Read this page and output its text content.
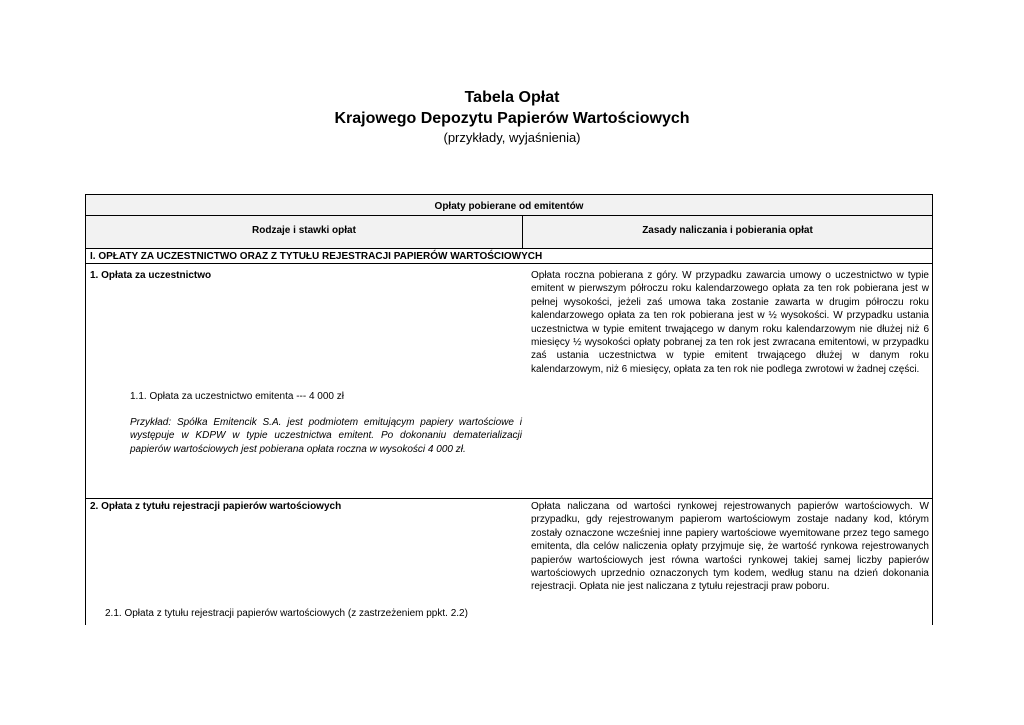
Tabela Opłat
Krajowego Depozytu Papierów Wartościowych
(przykłady, wyjaśnienia)
Opłaty pobierane od emitentów
Rodzaje i stawki opłat	Zasady naliczania i pobierania opłat
I. OPŁATY ZA UCZESTNICTWO ORAZ Z TYTUŁU REJESTRACJI PAPIERÓW WARTOŚCIOWYCH
1. Opłata za uczestnictwo	Opłata roczna pobierana z góry. W przypadku zawarcia umowy o uczestnictwo w typie emitent w pierwszym półroczu roku kalendarzowego opłata za ten rok pobierana jest w pełnej wysokości, jeżeli zaś umowa taka zostanie zawarta w drugim półroczu roku kalendarzowego opłata za ten rok pobierana jest w ½ wysokości. W przypadku ustania uczestnictwa w typie emitent trwającego w danym roku kalendarzowym nie dłużej niż 6 miesięcy ½ wysokości opłaty pobranej za ten rok jest zwracana emitentowi, w przypadku zaś ustania uczestnictwa w typie emitent trwającego dłużej w danym roku kalendarzowym, niż 6 miesięcy, opłata za ten rok nie podlega zwrotowi w żadnej części.
1.1. Opłata za uczestnictwo emitenta --- 4 000 zł
Przykład: Spółka Emitencik S.A. jest podmiotem emitującym papiery wartościowe i występuje w KDPW w typie uczestnictwa emitent. Po dokonaniu dematerializacji papierów wartościowych jest pobierana opłata roczna w wysokości 4 000 zł.
2. Opłata z tytułu rejestracji papierów wartościowych	Opłata naliczana od wartości rynkowej rejestrowanych papierów wartościowych. W przypadku, gdy rejestrowanym papierom wartościowym zostaje nadany kod, którym zostały oznaczone wcześniej inne papiery wartościowe wyemitowane przez tego samego emitenta, dla celów naliczenia opłaty przyjmuje się, że wartość rynkowa rejestrowanych papierów wartościowych jest równa wartości rynkowej takiej samej liczby papierów wartościowych uprzednio oznaczonych tym kodem, według stanu na dzień dokonania rejestracji. Opłata nie jest naliczana z tytułu rejestracji praw poboru.
2.1. Opłata z tytułu rejestracji papierów wartościowych (z zastrzeżeniem ppkt. 2.2)
